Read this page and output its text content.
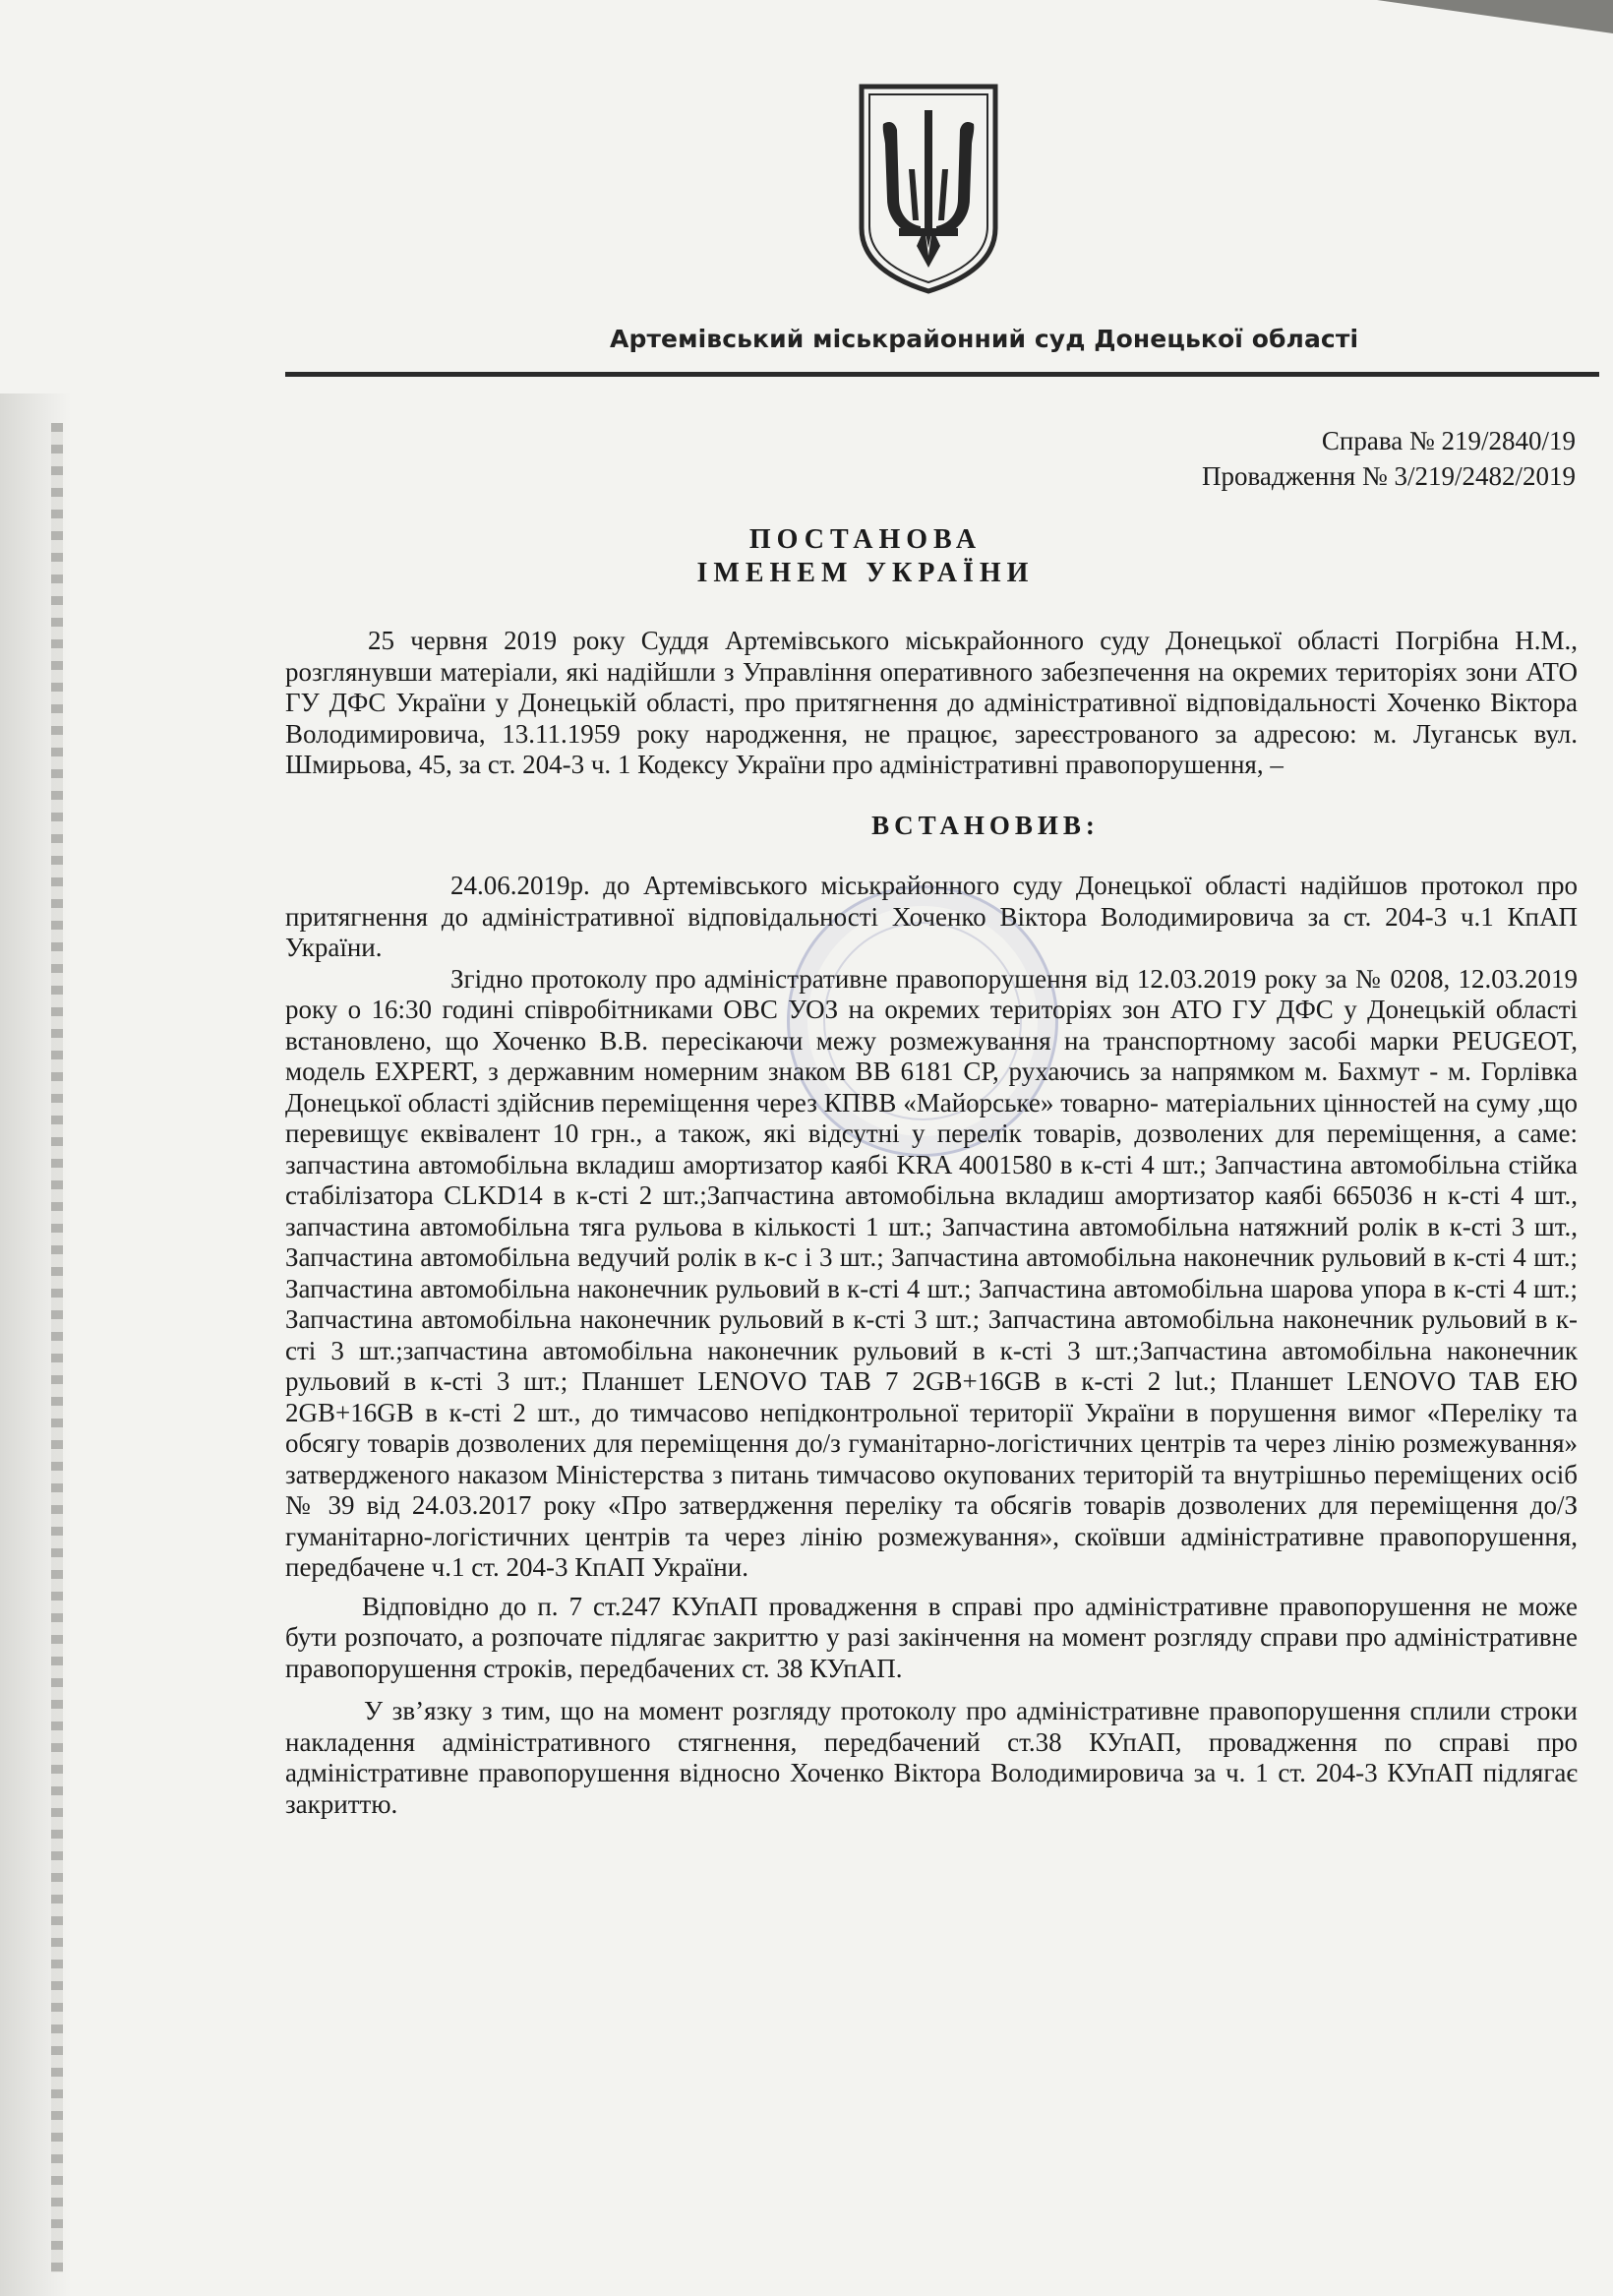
Артемівський міськрайонний суд Донецької області
Справа № 219/2840/19
Провадження № 3/219/2482/2019
ПОСТАНОВА
ІМЕНЕМ УКРАЇНИ

25 червня 2019 року Суддя Артемівського міськрайонного суду Донецької області Погрібна Н.М., розглянувши матеріали, які надійшли з Управління оперативного забезпечення на окремих територіях зони АТО ГУ ДФС України у Донецькій області, про притягнення до адміністративної відповідальності Хоченко Віктора Володимировича, 13.11.1959 року народження, не працює, зареєстрованого за адресою: м. Луганськ вул. Шмирьова, 45, за ст. 204-3 ч. 1 Кодексу України про адміністративні правопорушення, –

ВСТАНОВИВ:

24.06.2019р. до Артемівського міськрайонного суду Донецької області надійшов протокол про притягнення до адміністративної відповідальності Хоченко Віктора Володимировича за ст. 204-3 ч.1 КпАП України.

Згідно протоколу про адміністративне правопорушення від 12.03.2019 року за № 0208, 12.03.2019 року о 16:30 годині співробітниками ОВС УОЗ на окремих територіях зон АТО ГУ ДФС у Донецькій області встановлено, що Хоченко В.В. пересікаючи межу розмежування на транспортному засобі марки PEUGEOT, модель EXPERT, з державним номерним знаком ВВ 6181 СР, рухаючись за напрямком м. Бахмут - м. Горлівка Донецької області здійснив переміщення через КПВВ «Майорське» товарно- матеріальних цінностей на суму ,що перевищує еквівалент 10 грн., а також, які відсутні у перелік товарів, дозволених для переміщення, а саме: запчастина автомобільна вкладиш амортизатор каябі KRA 4001580 в к-сті 4 шт.; Запчастина автомобільна стійка стабілізатора CLKD14 в к-сті 2 шт.;Запчастина автомобільна вкладиш амортизатор каябі 665036 н к-сті 4 шт., запчастина автомобільна тяга рульова в кількості 1 шт.; Запчастина автомобільна натяжний ролік в к-сті 3 шт., Запчастина автомобільна ведучий ролік в к-с і 3 шт.; Запчастина автомобільна наконечник рульовий в к-сті 4 шт.; Запчастина автомобільна наконечник рульовий в к-сті 4 шт.; Запчастина автомобільна шарова упора в к-сті 4 шт.; Запчастина автомобільна наконечник рульовий в к-сті 3 шт.; Запчастина автомобільна наконечник рульовий в к-сті 3 шт.;запчастина автомобільна наконечник рульовий в к-сті 3 шт.;Запчастина автомобільна наконечник рульовий в к-сті 3 шт.; Планшет LENOVO TAB 7 2GB+16GB в к-сті 2 lut.; Планшет LENOVO TAB ЕЮ 2GB+16GB в к-сті 2 шт., до тимчасово непідконтрольної території України в порушення вимог «Переліку та обсягу товарів дозволених для переміщення до/з гуманітарно-логістичних центрів та через лінію розмежування» затвердженого наказом Міністерства з питань тимчасово окупованих територій та внутрішньо переміщених осіб № 39 від 24.03.2017 року «Про затвердження переліку та обсягів товарів дозволених для переміщення до/З гуманітарно-логістичних центрів та через лінію розмежування», скоївши адміністративне правопорушення, передбачене ч.1 ст. 204-3 КпАП України.

Відповідно до п. 7 ст.247 КУпАП провадження в справі про адміністративне правопорушення не може бути розпочато, а розпочате підлягає закриттю у разі закінчення на момент розгляду справи про адміністративне правопорушення строків, передбачених ст. 38 КУпАП.

У зв’язку з тим, що на момент розгляду протоколу про адміністративне правопорушення сплили строки накладення адміністративного стягнення, передбачений ст.38 КУпАП, провадження по справі про адміністративне правопорушення відносно Хоченко Віктора Володимировича за ч. 1 ст. 204-3 КУпАП підлягає закриттю.
